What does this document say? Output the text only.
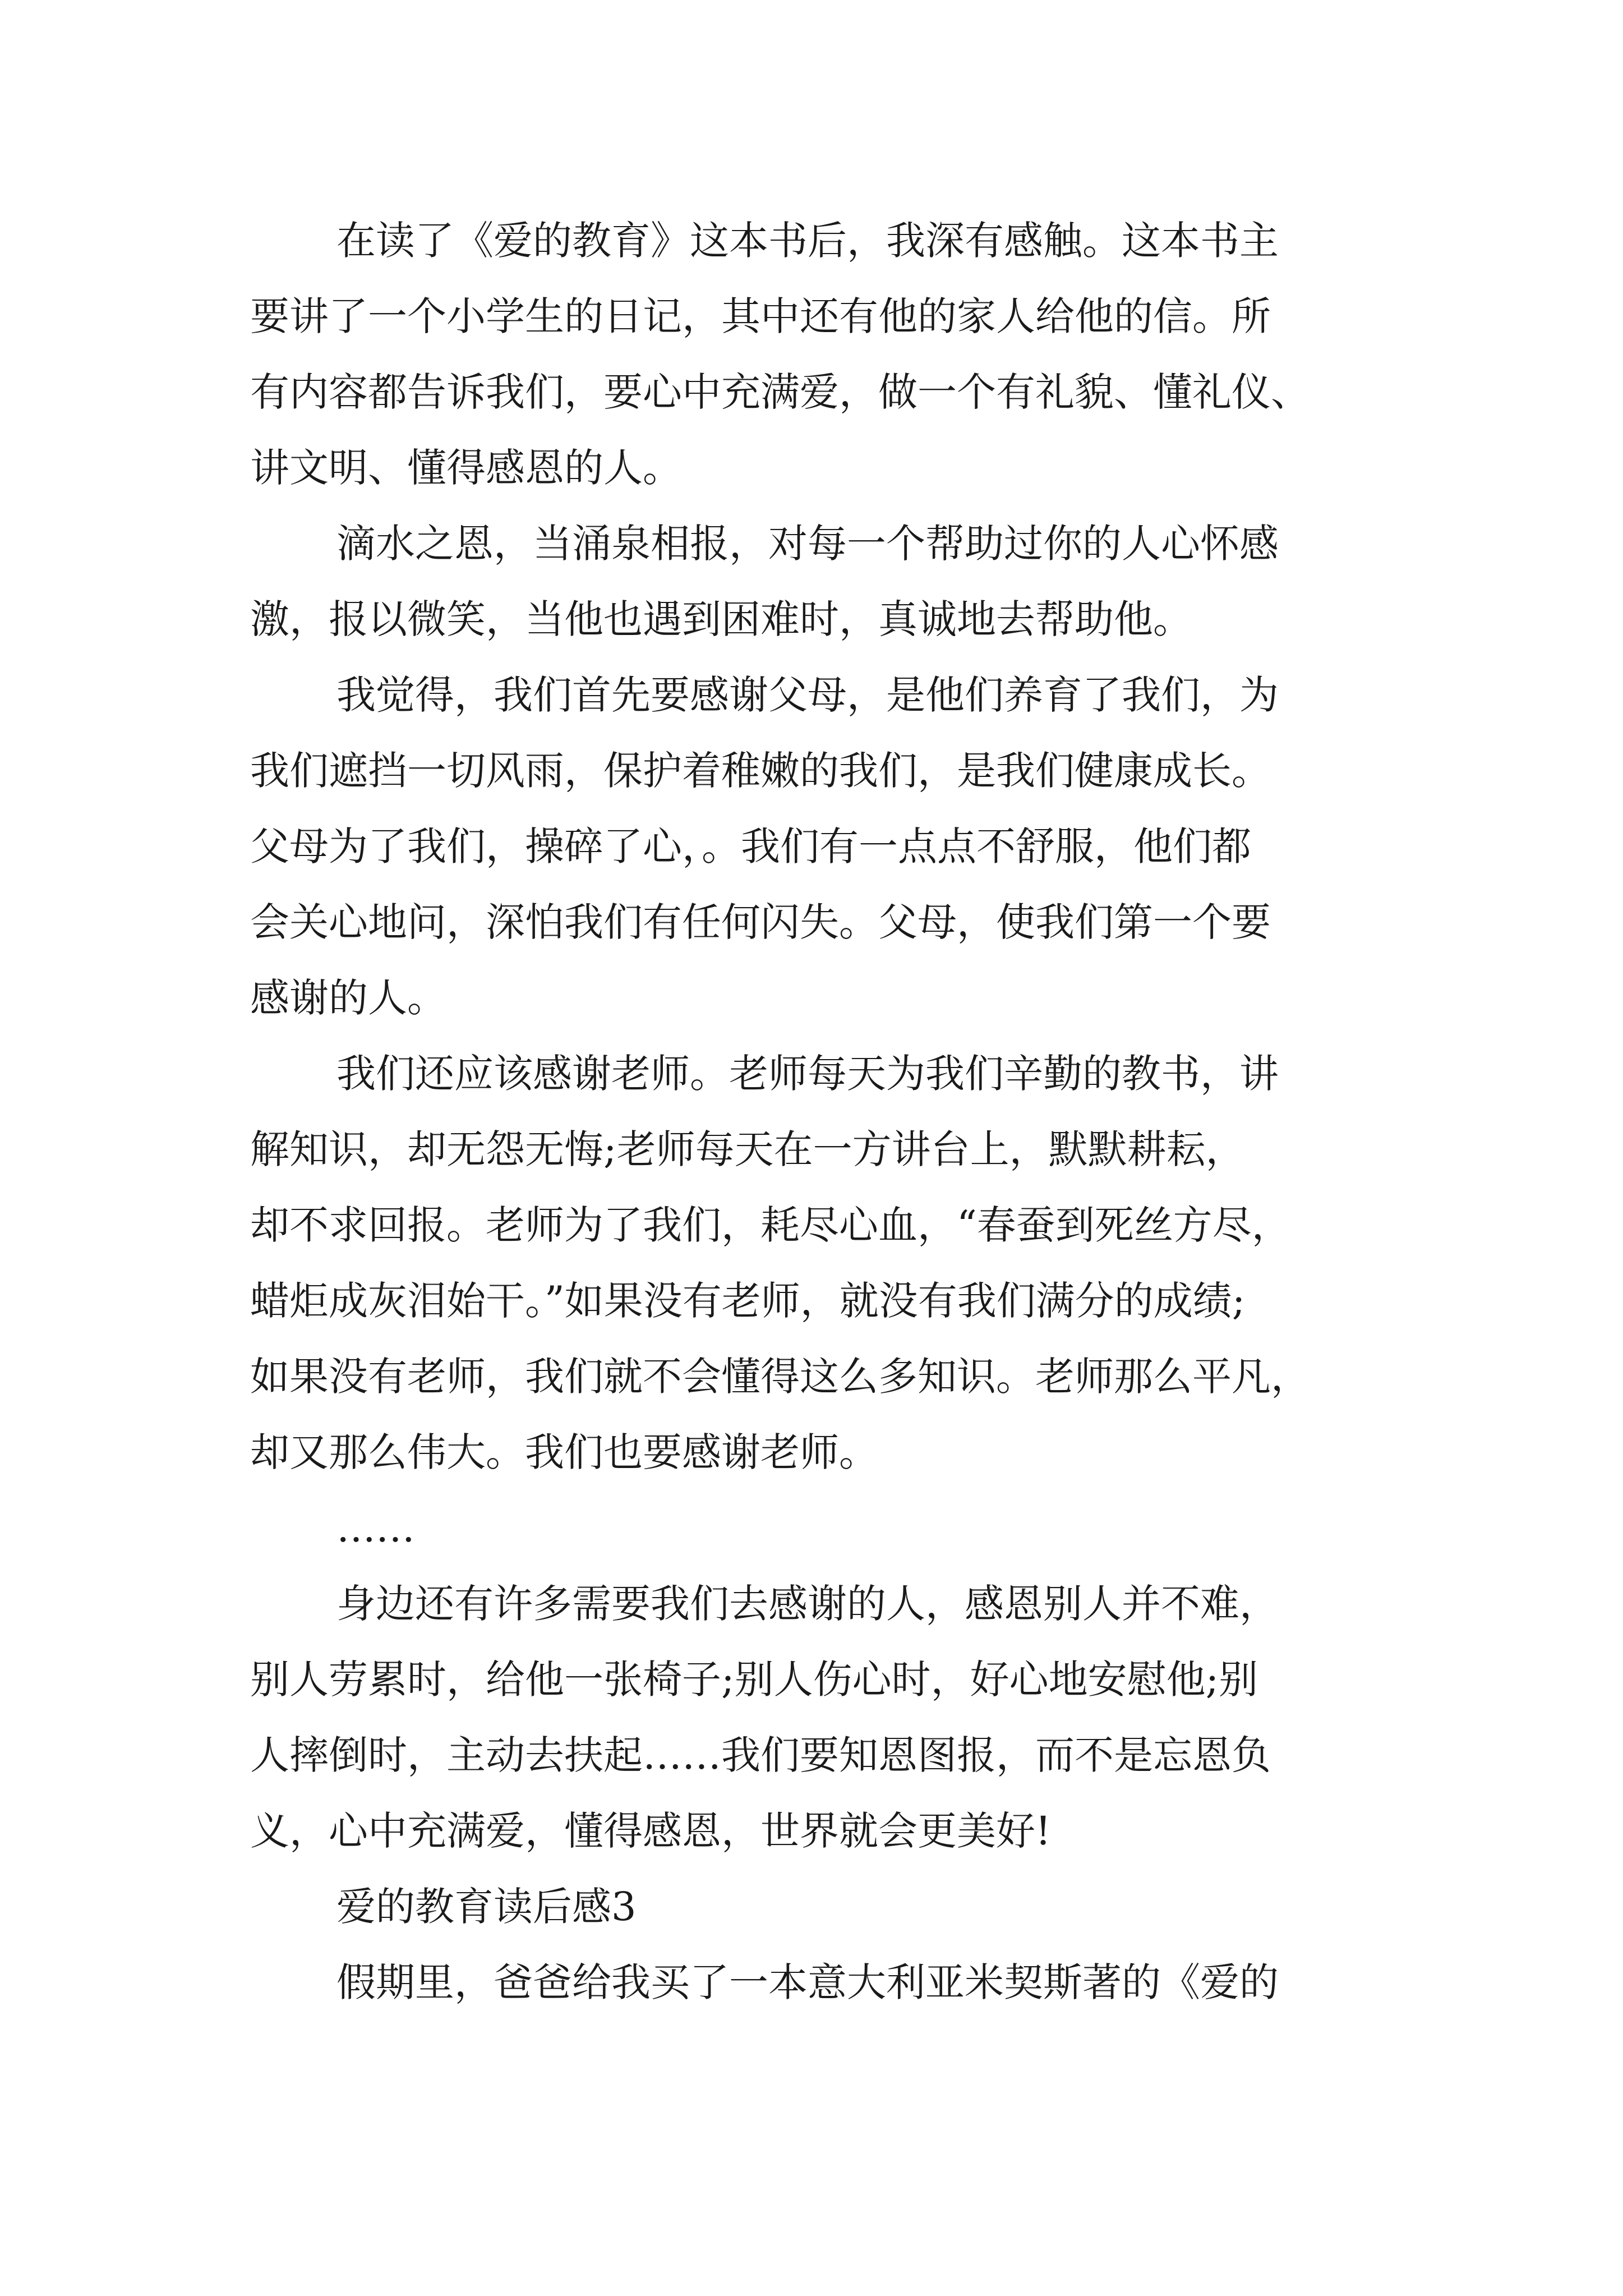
在读了《爱的教育》这本书后，我深有感触。这本书主
要讲了一个小学生的日记，其中还有他的家人给他的信。所
有内容都告诉我们，要心中充满爱，做一个有礼貌、懂礼仪、
讲文明、懂得感恩的人。
滴水之恩，当涌泉相报，对每一个帮助过你的人心怀感
激，报以微笑，当他也遇到困难时，真诚地去帮助他。
我觉得，我们首先要感谢父母，是他们养育了我们，为
我们遮挡一切风雨，保护着稚嫩的我们，是我们健康成长。
父母为了我们，操碎了心，。我们有一点点不舒服，他们都
会关心地问，深怕我们有任何闪失。父母，使我们第一个要
感谢的人。
我们还应该感谢老师。老师每天为我们辛勤的教书，讲
解知识，却无怨无悔;老师每天在一方讲台上，默默耕耘，
却不求回报。老师为了我们，耗尽心血，“春蚕到死丝方尽，
蜡炬成灰泪始干。”如果没有老师，就没有我们满分的成绩;
如果没有老师，我们就不会懂得这么多知识。老师那么平凡，
却又那么伟大。我们也要感谢老师。
……
身边还有许多需要我们去感谢的人，感恩别人并不难，
别人劳累时，给他一张椅子;别人伤心时，好心地安慰他;别
人摔倒时，主动去扶起……我们要知恩图报，而不是忘恩负
义，心中充满爱，懂得感恩，世界就会更美好!
爱的教育读后感3
假期里，爸爸给我买了一本意大利亚米契斯著的《爱的
